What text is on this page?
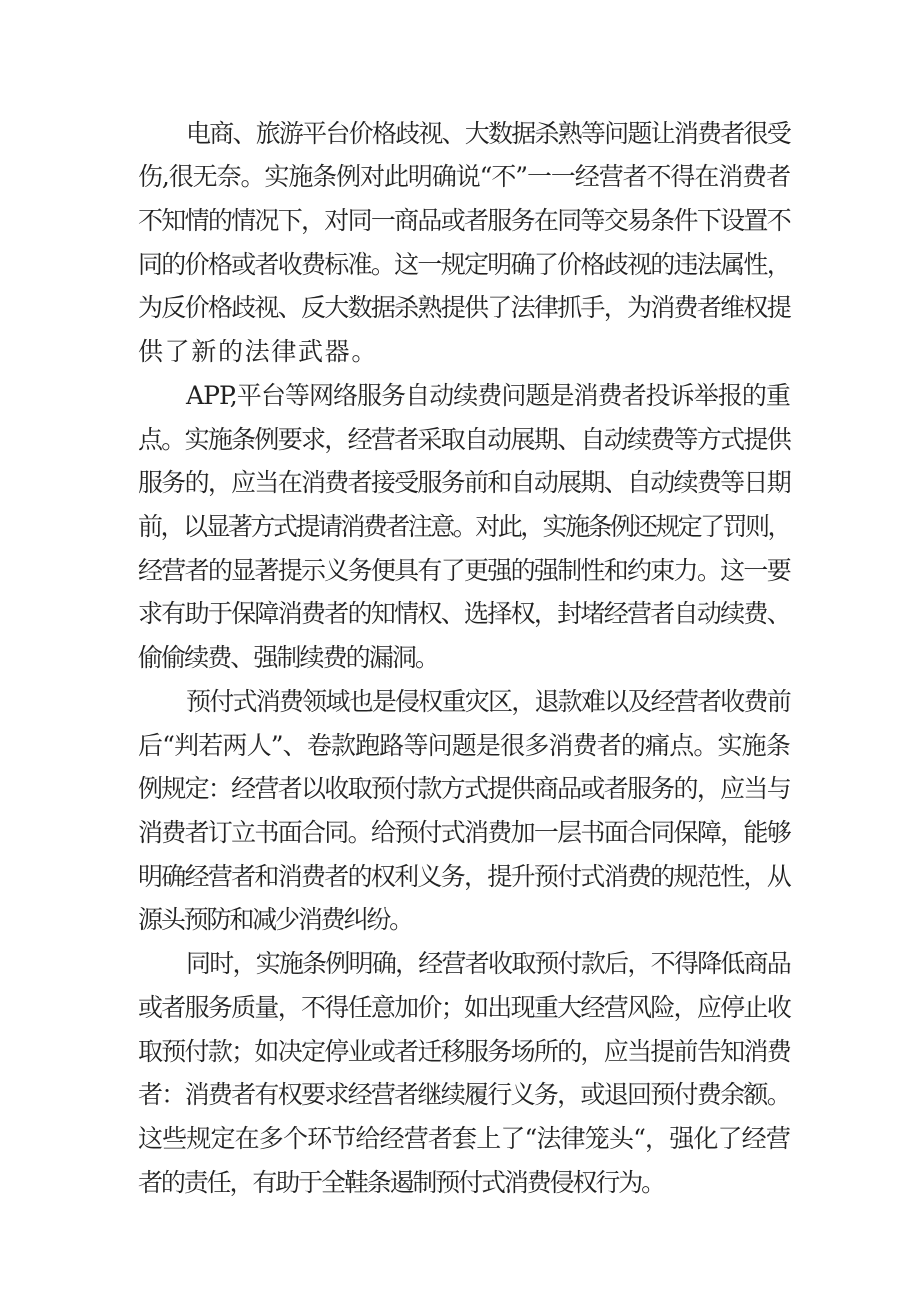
电商、旅游平台价格歧视、大数据杀熟等问题让消费者很受
伤,很无奈。实施条例对此明确说“不”一一经营者不得在消费者
不知情的情况下，对同一商品或者服务在同等交易条件下设置不
同的价格或者收费标准。这一规定明确了价格歧视的违法属性，
为反价格歧视、反大数据杀熟提供了法律抓手，为消费者维权提
供了新的法律武器。
APP,平台等网络服务自动续费问题是消费者投诉举报的重
点。实施条例要求，经营者采取自动展期、自动续费等方式提供
服务的，应当在消费者接受服务前和自动展期、自动续费等日期
前，以显著方式提请消费者注意。对此，实施条例还规定了罚则，
经营者的显著提示义务便具有了更强的强制性和约束力。这一要
求有助于保障消费者的知情权、选择权，封堵经营者自动续费、
偷偷续费、强制续费的漏洞。
预付式消费领域也是侵权重灾区，退款难以及经营者收费前
后“判若两人”、卷款跑路等问题是很多消费者的痛点。实施条
例规定：经营者以收取预付款方式提供商品或者服务的，应当与
消费者订立书面合同。给预付式消费加一层书面合同保障，能够
明确经营者和消费者的权利义务，提升预付式消费的规范性，从
源头预防和减少消费纠纷。
同时，实施条例明确，经营者收取预付款后，不得降低商品
或者服务质量，不得任意加价；如出现重大经营风险，应停止收
取预付款；如决定停业或者迁移服务场所的，应当提前告知消费
者：消费者有权要求经营者继续履行义务，或退回预付费余额。
这些规定在多个环节给经营者套上了“法律笼头“，强化了经营
者的责任，有助于全鞋条遏制预付式消费侵权行为。
